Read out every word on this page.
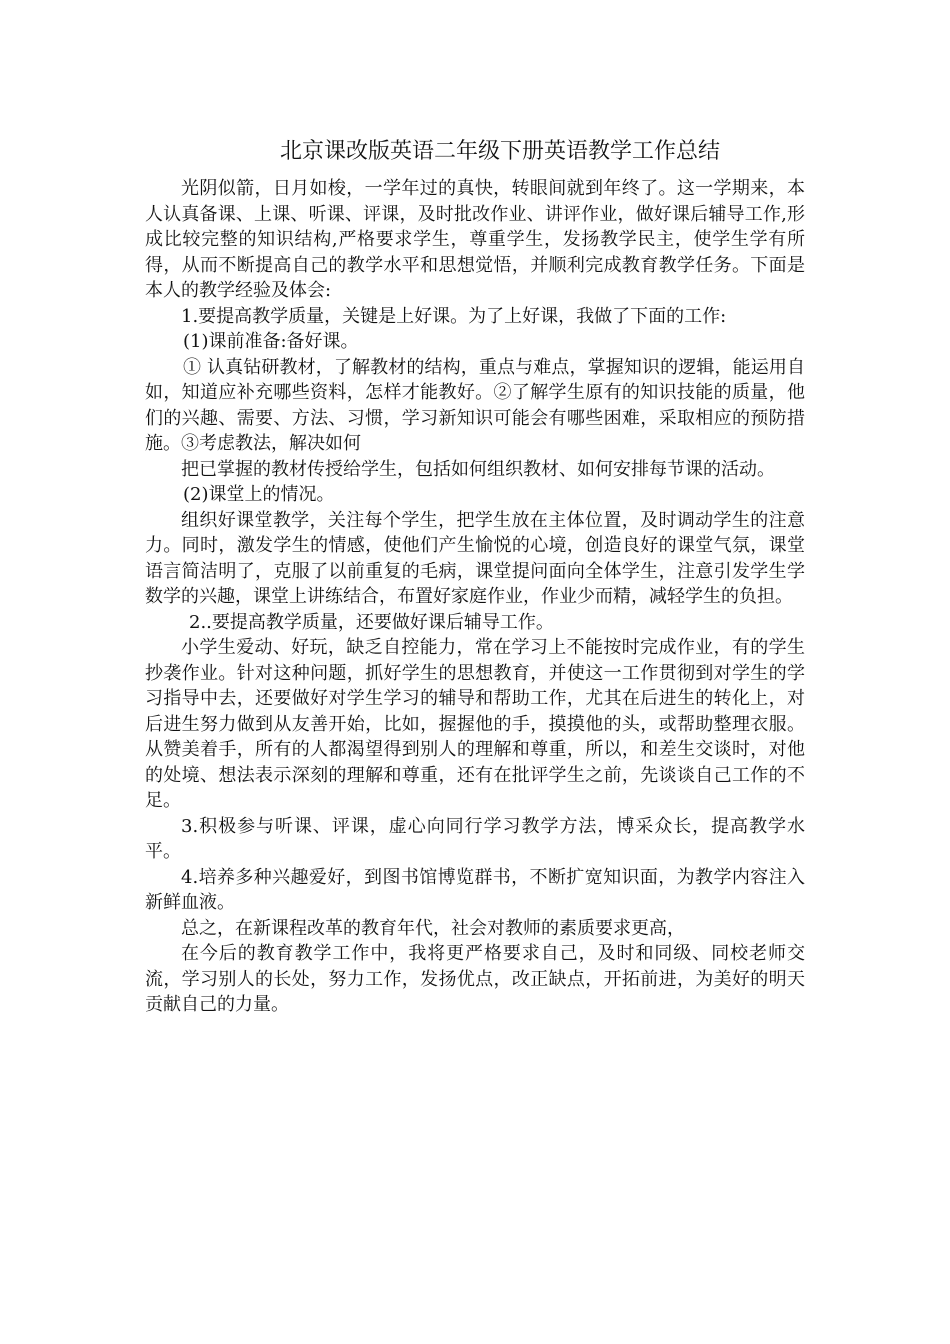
北京课改版英语二年级下册英语教学工作总结

光阴似箭，日月如梭，一学年过的真快，转眼间就到年终了。这一学期来，本人认真备课、上课、听课、评课，及时批改作业、讲评作业，做好课后辅导工作,形成比较完整的知识结构,严格要求学生，尊重学生，发扬教学民主，使学生学有所得，从而不断提高自己的教学水平和思想觉悟，并顺利完成教育教学任务。下面是本人的教学经验及体会:

1.要提高教学质量，关键是上好课。为了上好课，我做了下面的工作:

(1)课前准备:备好课。

① 认真钻研教材，了解教材的结构，重点与难点，掌握知识的逻辑，能运用自如，知道应补充哪些资料，怎样才能教好。②了解学生原有的知识技能的质量，他们的兴趣、需要、方法、习惯，学习新知识可能会有哪些困难，采取相应的预防措施。③考虑教法，解决如何

把已掌握的教材传授给学生，包括如何组织教材、如何安排每节课的活动。

(2)课堂上的情况。

组织好课堂教学，关注每个学生，把学生放在主体位置，及时调动学生的注意力。同时，激发学生的情感，使他们产生愉悦的心境，创造良好的课堂气氛，课堂语言简洁明了，克服了以前重复的毛病，课堂提问面向全体学生，注意引发学生学数学的兴趣，课堂上讲练结合，布置好家庭作业，作业少而精，减轻学生的负担。

2..要提高教学质量，还要做好课后辅导工作。

小学生爱动、好玩，缺乏自控能力，常在学习上不能按时完成作业，有的学生抄袭作业。针对这种问题，抓好学生的思想教育，并使这一工作贯彻到对学生的学习指导中去，还要做好对学生学习的辅导和帮助工作，尤其在后进生的转化上，对后进生努力做到从友善开始，比如，握握他的手，摸摸他的头，或帮助整理衣服。从赞美着手，所有的人都渴望得到别人的理解和尊重，所以，和差生交谈时，对他的处境、想法表示深刻的理解和尊重，还有在批评学生之前，先谈谈自己工作的不足。

3.积极参与听课、评课，虚心向同行学习教学方法，博采众长，提高教学水平。

4.培养多种兴趣爱好，到图书馆博览群书，不断扩宽知识面，为教学内容注入新鲜血液。

总之，在新课程改革的教育年代，社会对教师的素质要求更高，

在今后的教育教学工作中，我将更严格要求自己，及时和同级、同校老师交流，学习别人的长处，努力工作，发扬优点，改正缺点，开拓前进，为美好的明天贡献自己的力量。
